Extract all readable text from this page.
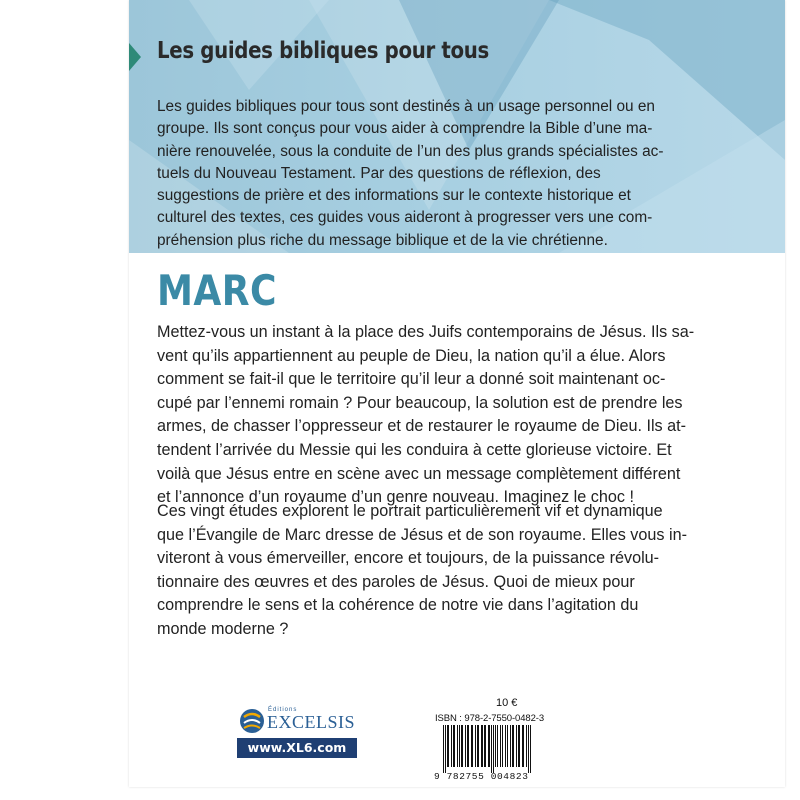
Les guides bibliques pour tous

Les guides bibliques pour tous sont destinés à un usage personnel ou en
groupe. Ils sont conçus pour vous aider à comprendre la Bible d’une ma-
nière renouvelée, sous la conduite de l’un des plus grands spécialistes ac-
tuels du Nouveau Testament. Par des questions de réflexion, des
suggestions de prière et des informations sur le contexte historique et
culturel des textes, ces guides vous aideront à progresser vers une com-
préhension plus riche du message biblique et de la vie chrétienne.

MARC

Mettez-vous un instant à la place des Juifs contemporains de Jésus. Ils sa-
vent qu’ils appartiennent au peuple de Dieu, la nation qu’il a élue. Alors
comment se fait-il que le territoire qu’il leur a donné soit maintenant oc-
cupé par l’ennemi romain ? Pour beaucoup, la solution est de prendre les
armes, de chasser l’oppresseur et de restaurer le royaume de Dieu. Ils at-
tendent l’arrivée du Messie qui les conduira à cette glorieuse victoire. Et
voilà que Jésus entre en scène avec un message complètement différent
et l’annonce d’un royaume d’un genre nouveau. Imaginez le choc !

Ces vingt études explorent le portrait particulièrement vif et dynamique
que l’Évangile de Marc dresse de Jésus et de son royaume. Elles vous in-
viteront à vous émerveiller, encore et toujours, de la puissance révolu-
tionnaire des œuvres et des paroles de Jésus. Quoi de mieux pour
comprendre le sens et la cohérence de notre vie dans l’agitation du
monde moderne ?

Éditions
EXCELSIS
www.XL6.com
10 €
ISBN : 978-2-7550-0482-3
9 782755 004823
